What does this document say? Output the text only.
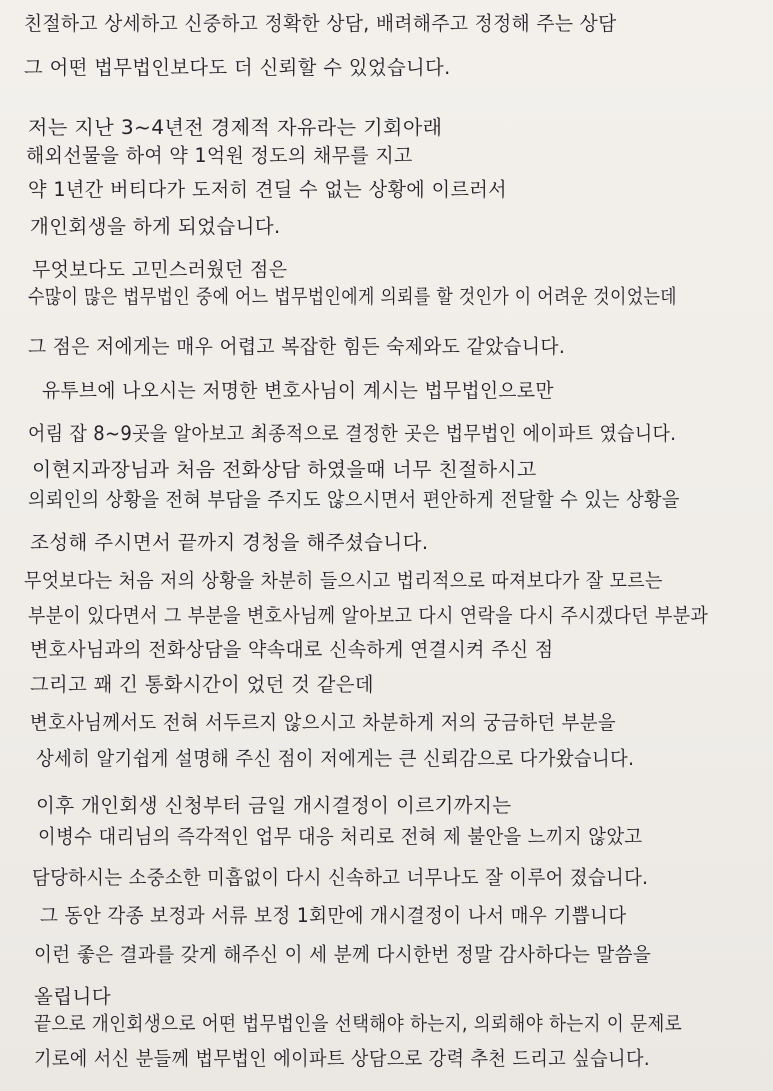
친절하고 상세하고 신중하고 정확한 상담, 배려해주고 정정해 주는 상담
그 어떤 법무법인보다도 더 신뢰할 수 있었습니다.
저는 지난 3~4년전 경제적 자유라는 기회아래
해외선물을 하여 약 1억원 정도의 채무를 지고
약 1년간 버티다가 도저히 견딜 수 없는 상황에 이르러서
개인회생을 하게 되었습니다.
무엇보다도 고민스러웠던 점은
수많이 많은 법무법인 중에 어느 법무법인에게 의뢰를 할 것인가 이 어려운 것이었는데
그 점은 저에게는 매우 어렵고 복잡한 힘든 숙제와도 같았습니다.
유투브에 나오시는 저명한 변호사님이 계시는 법무법인으로만
어림 잡 8~9곳을 알아보고 최종적으로 결정한 곳은 법무법인 에이파트 였습니다.
이현지과장님과 처음 전화상담 하였을때 너무 친절하시고
의뢰인의 상황을 전혀 부담을 주지도 않으시면서 편안하게 전달할 수 있는 상황을
조성해 주시면서 끝까지 경청을 해주셨습니다.
무엇보다는 처음 저의 상황을 차분히 들으시고 법리적으로 따져보다가 잘 모르는
부분이 있다면서 그 부분을 변호사님께 알아보고 다시 연락을 다시 주시겠다던 부분과
변호사님과의 전화상담을 약속대로 신속하게 연결시켜 주신 점
그리고 꽤 긴 통화시간이 었던 것 같은데
변호사님께서도 전혀 서두르지 않으시고 차분하게 저의 궁금하던 부분을
상세히 알기쉽게 설명해 주신 점이 저에게는 큰 신뢰감으로 다가왔습니다.
이후 개인회생 신청부터 금일 개시결정이 이르기까지는
이병수 대리님의 즉각적인 업무 대응 처리로 전혀 제 불안을 느끼지 않았고
담당하시는 소중소한 미흡없이 다시 신속하고 너무나도 잘 이루어 졌습니다.
그 동안 각종 보정과 서류 보정 1회만에 개시결정이 나서 매우 기쁩니다
이런 좋은 결과를 갖게 해주신 이 세 분께 다시한번 정말 감사하다는 말씀을
올립니다
끝으로 개인회생으로 어떤 법무법인을 선택해야 하는지, 의뢰해야 하는지 이 문제로
기로에 서신 분들께 법무법인 에이파트 상담으로 강력 추천 드리고 싶습니다.
